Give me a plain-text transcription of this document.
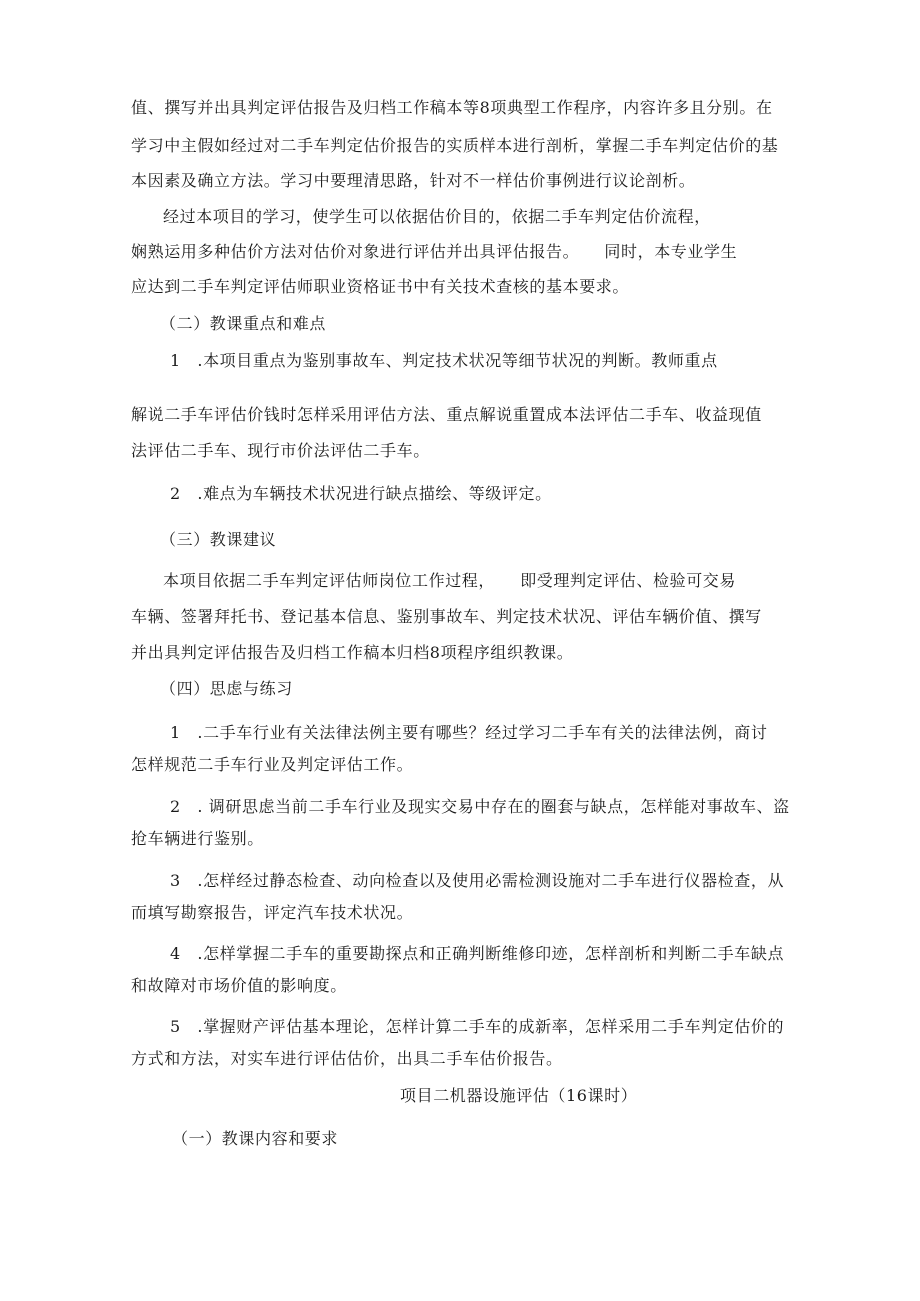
值、撰写并出具判定评估报告及归档工作稿本等8项典型工作程序，内容许多且分别。在
学习中主假如经过对二手车判定估价报告的实质样本进行剖析，掌握二手车判定估价的基
本因素及确立方法。学习中要理清思路，针对不一样估价事例进行议论剖析。
经过本项目的学习，使学生可以依据估价目的，依据二手车判定估价流程，
娴熟运用多种估价方法对估价对象进行评估并出具评估报告。　　同时，本专业学生
应达到二手车判定评估师职业资格证书中有关技术查核的基本要求。
（二）教课重点和难点
1　.本项目重点为鉴别事故车、判定技术状况等细节状况的判断。教师重点
解说二手车评估价钱时怎样采用评估方法、重点解说重置成本法评估二手车、收益现值
法评估二手车、现行市价法评估二手车。
2　.难点为车辆技术状况进行缺点描绘、等级评定。
（三）教课建议
本项目依据二手车判定评估师岗位工作过程，　　即受理判定评估、检验可交易
车辆、签署拜托书、登记基本信息、鉴别事故车、判定技术状况、评估车辆价值、撰写
并出具判定评估报告及归档工作稿本归档8项程序组织教课。
（四）思虑与练习
1　.二手车行业有关法律法例主要有哪些？经过学习二手车有关的法律法例，商讨
怎样规范二手车行业及判定评估工作。
2　. 调研思虑当前二手车行业及现实交易中存在的圈套与缺点，怎样能对事故车、盗
抢车辆进行鉴别。
3　.怎样经过静态检查、动向检查以及使用必需检测设施对二手车进行仪器检查，从
而填写勘察报告，评定汽车技术状况。
4　.怎样掌握二手车的重要勘探点和正确判断维修印迹，怎样剖析和判断二手车缺点
和故障对市场价值的影响度。
5　.掌握财产评估基本理论，怎样计算二手车的成新率，怎样采用二手车判定估价的
方式和方法，对实车进行评估估价，出具二手车估价报告。
项目二机器设施评估（16课时）
（一）教课内容和要求
